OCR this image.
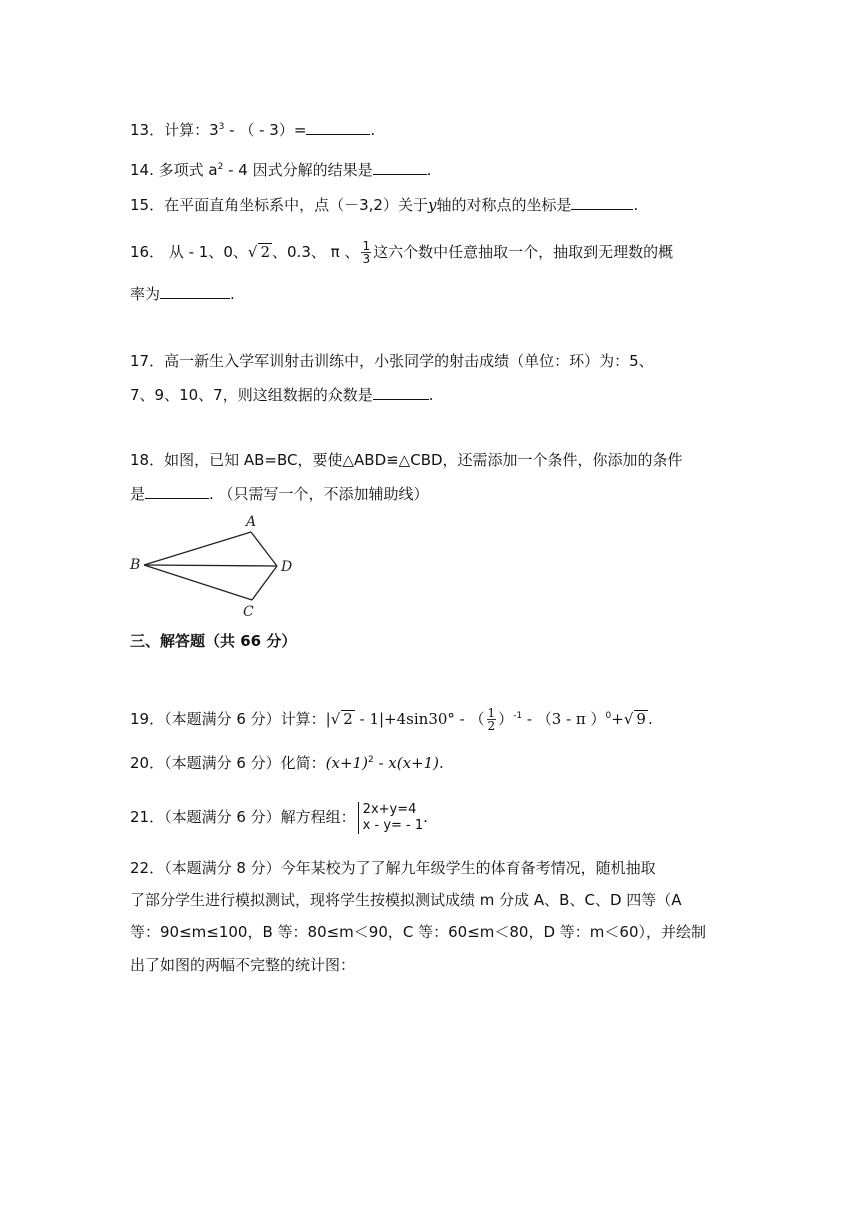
13．计算：$3^3$ - （ - 3）=	.
14. 多项式 $a^2 - 4$ 因式分解的结果是	.
15．在平面直角坐标系中，点（－3,2）关于y轴的对称点的坐标是	.
16． 从 - 1、0、√ 2 、0.3、 π 、 $\frac{1}{3}$ 这六个数中任意抽取一个，抽取到无理数的概
率为	.
17．高一新生入学军训射击训练中，小张同学的射击成绩（单位：环）为：5、
7、9、10、7，则这组数据的众数是	.
18．如图，已知 AB=BC，要使△ABD≌△CBD，还需添加一个条件，你添加的条件
是	. （只需写一个，不添加辅助线）
A
B
C
D
三、解答题（共 66 分）
19．（本题满分 6 分）计算：|√ 2 - 1|+4sin30° - （ $\frac{1}{2} )^{-1} - (3$ - π ）$^0$+√ 9 .
20．（本题满分 6 分）化简：$(x+1)^2 - x(x+1)$.
21．（本题满分 6 分）解方程组： 2x+y=4
x - y= - 1 .
22．（本题满分 8 分）今年某校为了了解九年级学生的体育备考情况，随机抽取
了部分学生进行模拟测试，现将学生按模拟测试成绩 m 分成 A、B、C、D 四等（A
等：90≤m≤100，B 等：80≤m＜90，C 等：60≤m＜80，D 等：m＜60），并绘制
出了如图的两幅不完整的统计图：
